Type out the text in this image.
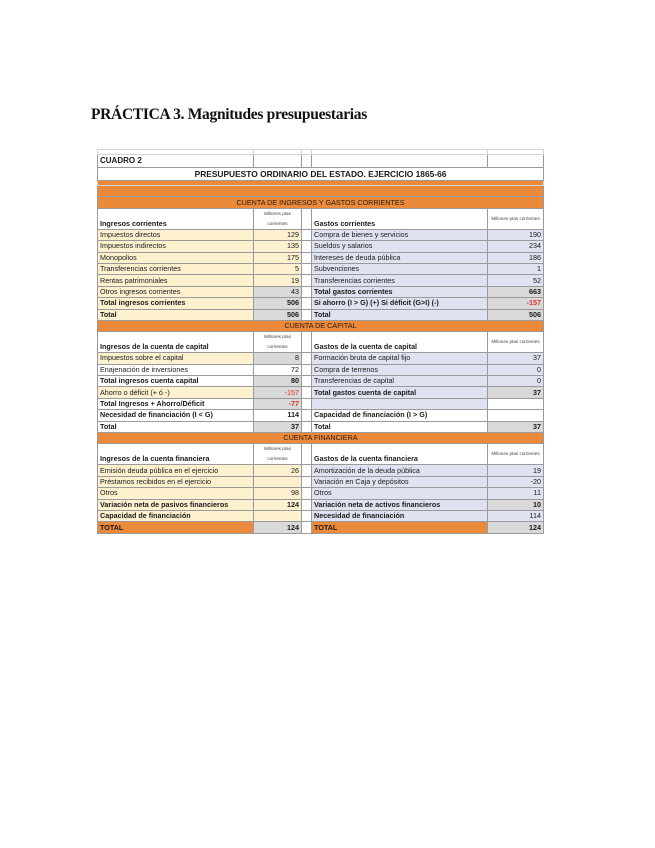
PRÁCTICA 3. Magnitudes presupuestarias

CUADRO 2				
PRESUPUESTO ORDINARIO DEL ESTADO. EJERCICIO 1865-66				

CUENTA DE INGRESOS Y GASTOS CORRIENTES				
Ingresos corrientes	Millones ptas corrientes		Gastos corrientes	Millones ptas corrientes
Impuestos directos	129		Compra de bienes y servicios	190
Impuestos indirectos	135		Sueldos y salarios	234
Monopolios	175		Intereses de deuda pública	186
Transferencias corrientes	5		Subvenciones	1
Rentas patrimoniales	19		Transferencias corrientes	52
Otros ingresos corrientes	43		Total gastos corrientes	663
Total ingresos corrientes	506		Si ahorro (I > G) (+) Si déficit (G>I) (-)	-157
Total	506		Total	506
CUENTA DE CAPITAL				
Ingresos de la cuenta de capital	Millones ptas corrientes		Gastos de la cuenta de capital	Millones ptas corrientes
Impuestos sobre el capital	8		Formación bruta de capital fijo	37
Enajenación de inversiones	72		Compra de terrenos	0
Total ingresos cuenta capital	80		Transferencias de capital	0
Ahorro o déficit (+ ó -)	-157		Total gastos cuenta de capital	37
Total Ingresos + Ahorro/Déficit	-77			
Necesidad de financiación (I < G)	114		Capacidad de financiación (I > G)	
Total	37		Total	37
CUENTA FINANCIERA				
Ingresos de la cuenta financiera	Millones ptas corrientes		Gastos de la cuenta financiera	Millones ptas corrientes
Emisión deuda pública en el ejercicio	26		Amortización de la deuda pública	19
Préstamos recibidos en el ejercicio			Variación en Caja y depósitos	-20
Otros	98		Otros	11
Variación neta de pasivos financieros	124		Variación neta de activos financieros	10
Capacidad de financiación			Necesidad de financiación	114
TOTAL	124		TOTAL	124
